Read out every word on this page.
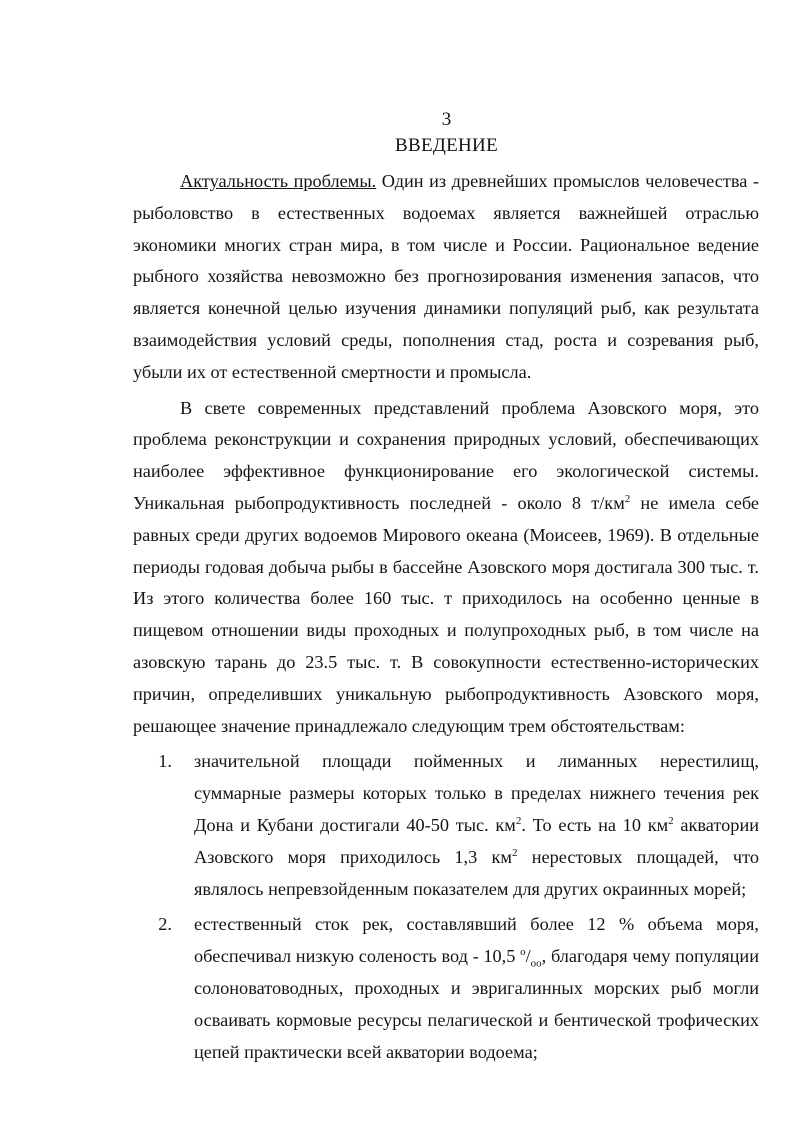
3
ВВЕДЕНИЕ

Актуальность проблемы. Один из древнейших промыслов человечества - рыболовство в естественных водоемах является важнейшей отраслью экономики многих стран мира, в том числе и России. Рациональное ведение рыбного хозяйства невозможно без прогнозирования изменения запасов, что является конечной целью изучения динамики популяций рыб, как результата взаимодействия условий среды, пополнения стад, роста и созревания рыб, убыли их от естественной смертности и промысла.

В свете современных представлений проблема Азовского моря, это проблема реконструкции и сохранения природных условий, обеспечивающих наиболее эффективное функционирование его экологической системы. Уникальная рыбопродуктивность последней - около 8 $т/км^2$ не имела себе равных среди других водоемов Мирового океана (Моисеев, 1969). В отдельные периоды годовая добыча рыбы в бассейне Азовского моря достигала 300 тыс. т. Из этого количества более 160 тыс. т приходилось на особенно ценные в пищевом отношении виды проходных и полупроходных рыб, в том числе на азовскую тарань до 23.5 тыс. т. В совокупности естественно-исторических причин, определивших уникальную рыбопродуктивность Азовского моря, решающее значение принадлежало следующим трем обстоятельствам:

1. значительной площади пойменных и лиманных нерестилищ, суммарные размеры которых только в пределах нижнего течения рек Дона и Кубани достигали 40-50 тыс. $км^2$. То есть на 10 $км^2$ акватории Азовского моря приходилось 1,3 $км^2$ нерестовых площадей, что являлось непревзойденным показателем для других окраинных морей;
2. естественный сток рек, составлявший более 12 % объема моря, обеспечивал низкую соленость вод - 10,5 $^о/_{оо}$, благодаря чему популяции солоноватоводных, проходных и эвригалинных морских рыб могли осваивать кормовые ресурсы пелагической и бентической трофических цепей практически всей акватории водоема;
